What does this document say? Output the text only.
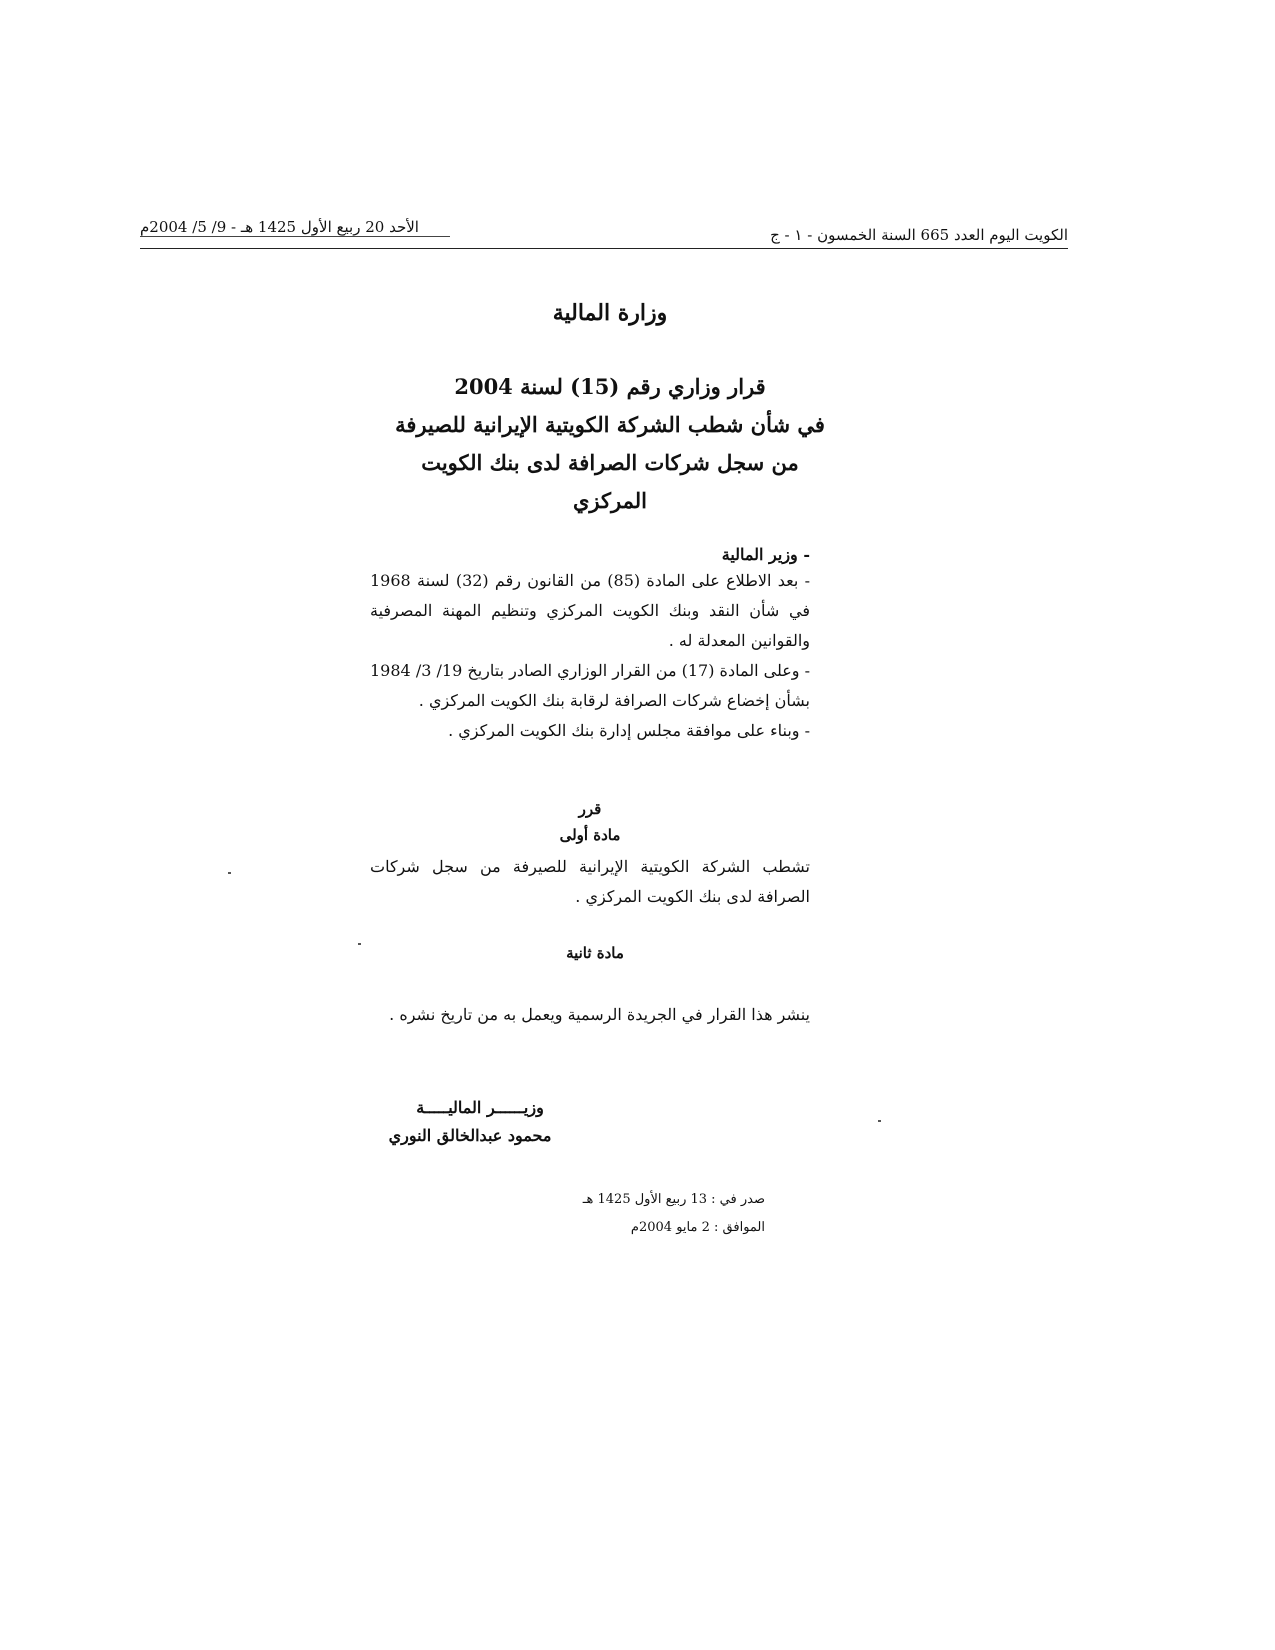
الكويت اليوم العدد 665 السنة الخمسون - ١ - ج
الأحد 20 ربيع الأول 1425 هـ - 9/ 5/ 2004م
وزارة المالية
قرار وزاري رقم (15) لسنة 2004
في شأن شطب الشركة الكويتية الإيرانية للصيرفة
من سجل شركات الصرافة لدى بنك الكويت
المركزي
- وزير المالية

- بعد الاطلاع على المادة (85) من القانون رقم (32) لسنة 1968 في شأن النقد وبنك الكويت المركزي وتنظيم المهنة المصرفية والقوانين المعدلة له .

- وعلى المادة (17) من القرار الوزاري الصادر بتاريخ 19/ 3/ 1984 بشأن إخضاع شركات الصرافة لرقابة بنك الكويت المركزي .

- وبناء على موافقة مجلس إدارة بنك الكويت المركزي .

قرر
مادة أولى
تشطب الشركة الكويتية الإيرانية للصيرفة من سجل شركات الصرافة لدى بنك الكويت المركزي .
مادة ثانية
ينشر هذا القرار في الجريدة الرسمية ويعمل به من تاريخ نشره .
وزيــــــر الماليـــــة
محمود عبدالخالق النوري
صدر في : 13 ربيع الأول 1425 هـ
الموافق : 2 مايو 2004م
